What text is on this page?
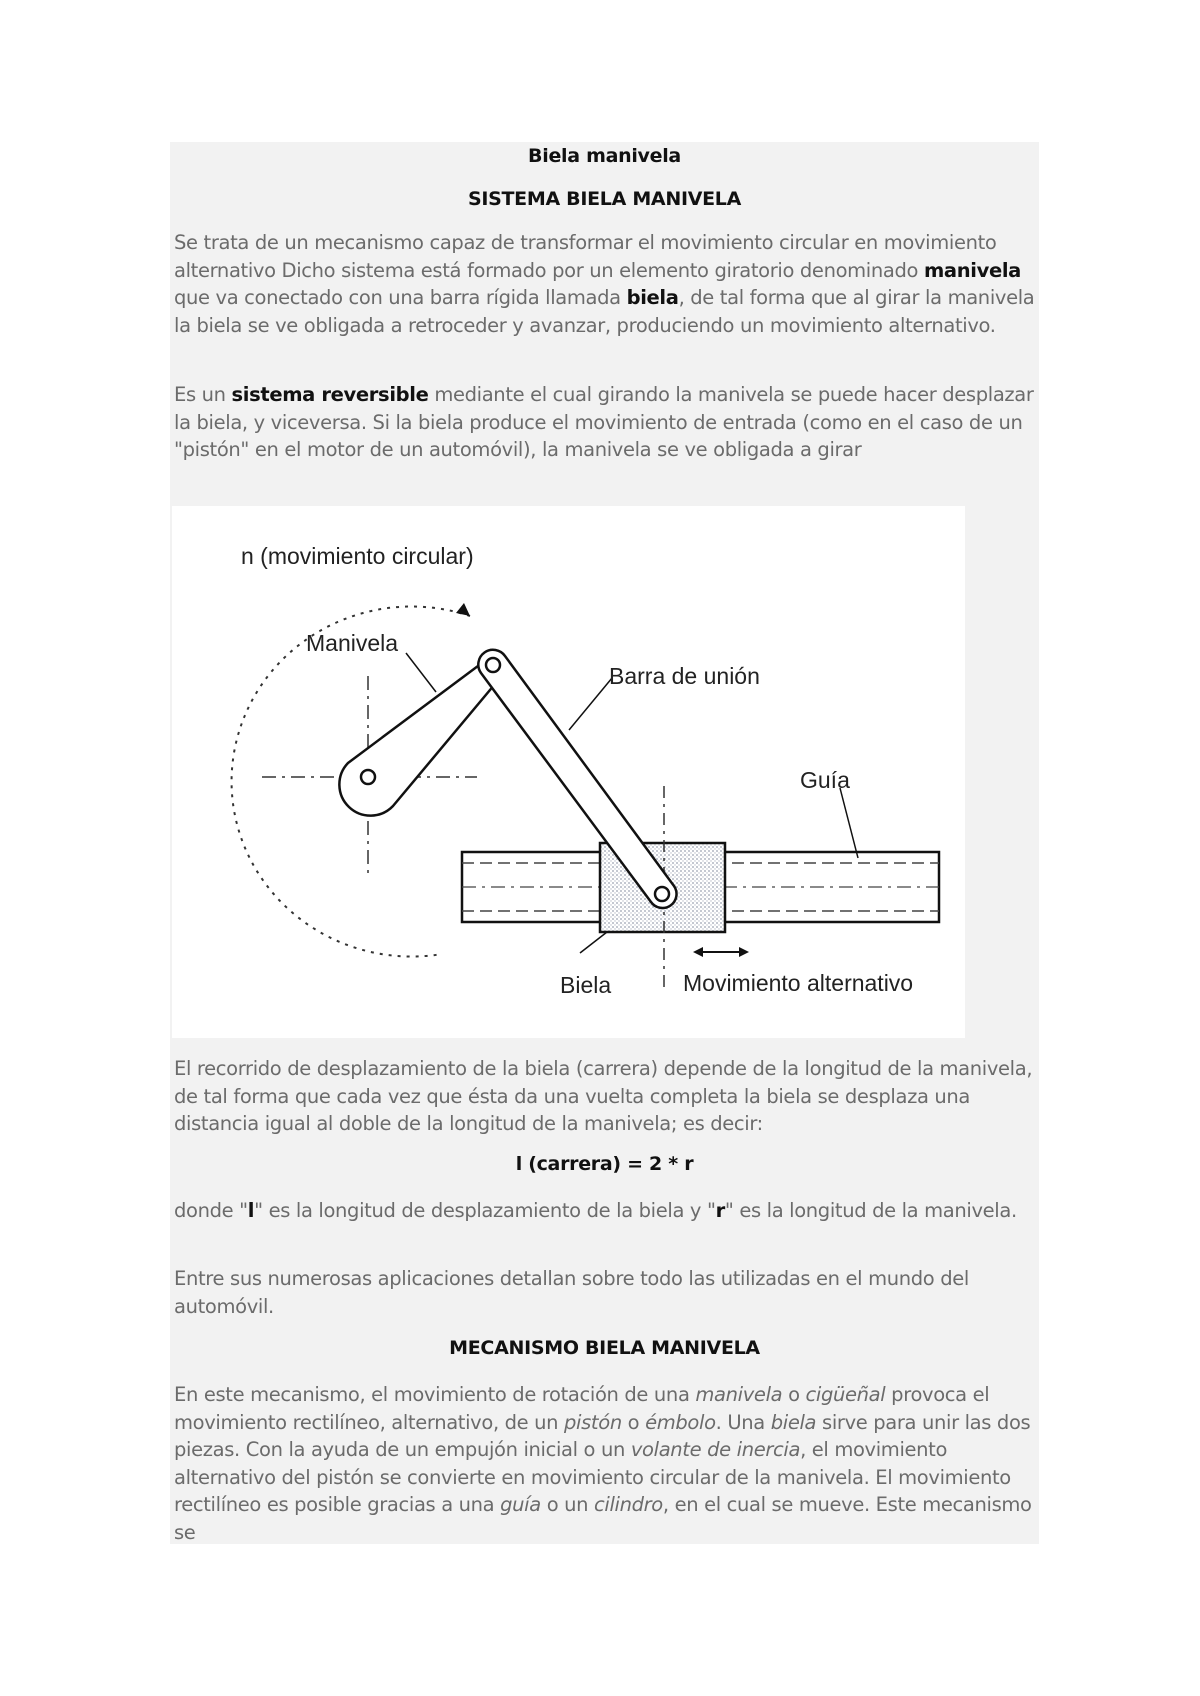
Biela manivela
SISTEMA BIELA MANIVELA

Se trata de un mecanismo capaz de transformar el movimiento circular en movimiento alternativo Dicho sistema está formado por un elemento giratorio denominado manivela que va conectado con una barra rígida llamada biela, de tal forma que al girar la manivela la biela se ve obligada a retroceder y avanzar, produciendo un movimiento alternativo.

Es un sistema reversible mediante el cual girando la manivela se puede hacer desplazar la biela, y viceversa. Si la biela produce el movimiento de entrada (como en el caso de un "pistón" en el motor de un automóvil), la manivela se ve obligada a girar

n (movimiento circular)
Manivela
Barra de unión
Guía
Biela	Movimiento alternativo

El recorrido de desplazamiento de la biela (carrera) depende de la longitud de la manivela, de tal forma que cada vez que ésta da una vuelta completa la biela se desplaza una distancia igual al doble de la longitud de la manivela; es decir:

l (carrera) = 2 * r

donde "l" es la longitud de desplazamiento de la biela y "r" es la longitud de la manivela.

Entre sus numerosas aplicaciones detallan sobre todo las utilizadas en el mundo del automóvil.

MECANISMO BIELA MANIVELA

En este mecanismo, el movimiento de rotación de una manivela o cigüeñal provoca el movimiento rectilíneo, alternativo, de un pistón o émbolo. Una biela sirve para unir las dos piezas. Con la ayuda de un empujón inicial o un volante de inercia, el movimiento alternativo del pistón se convierte en movimiento circular de la manivela. El movimiento rectilíneo es posible gracias a una guía o un cilindro, en el cual se mueve. Este mecanismo se
